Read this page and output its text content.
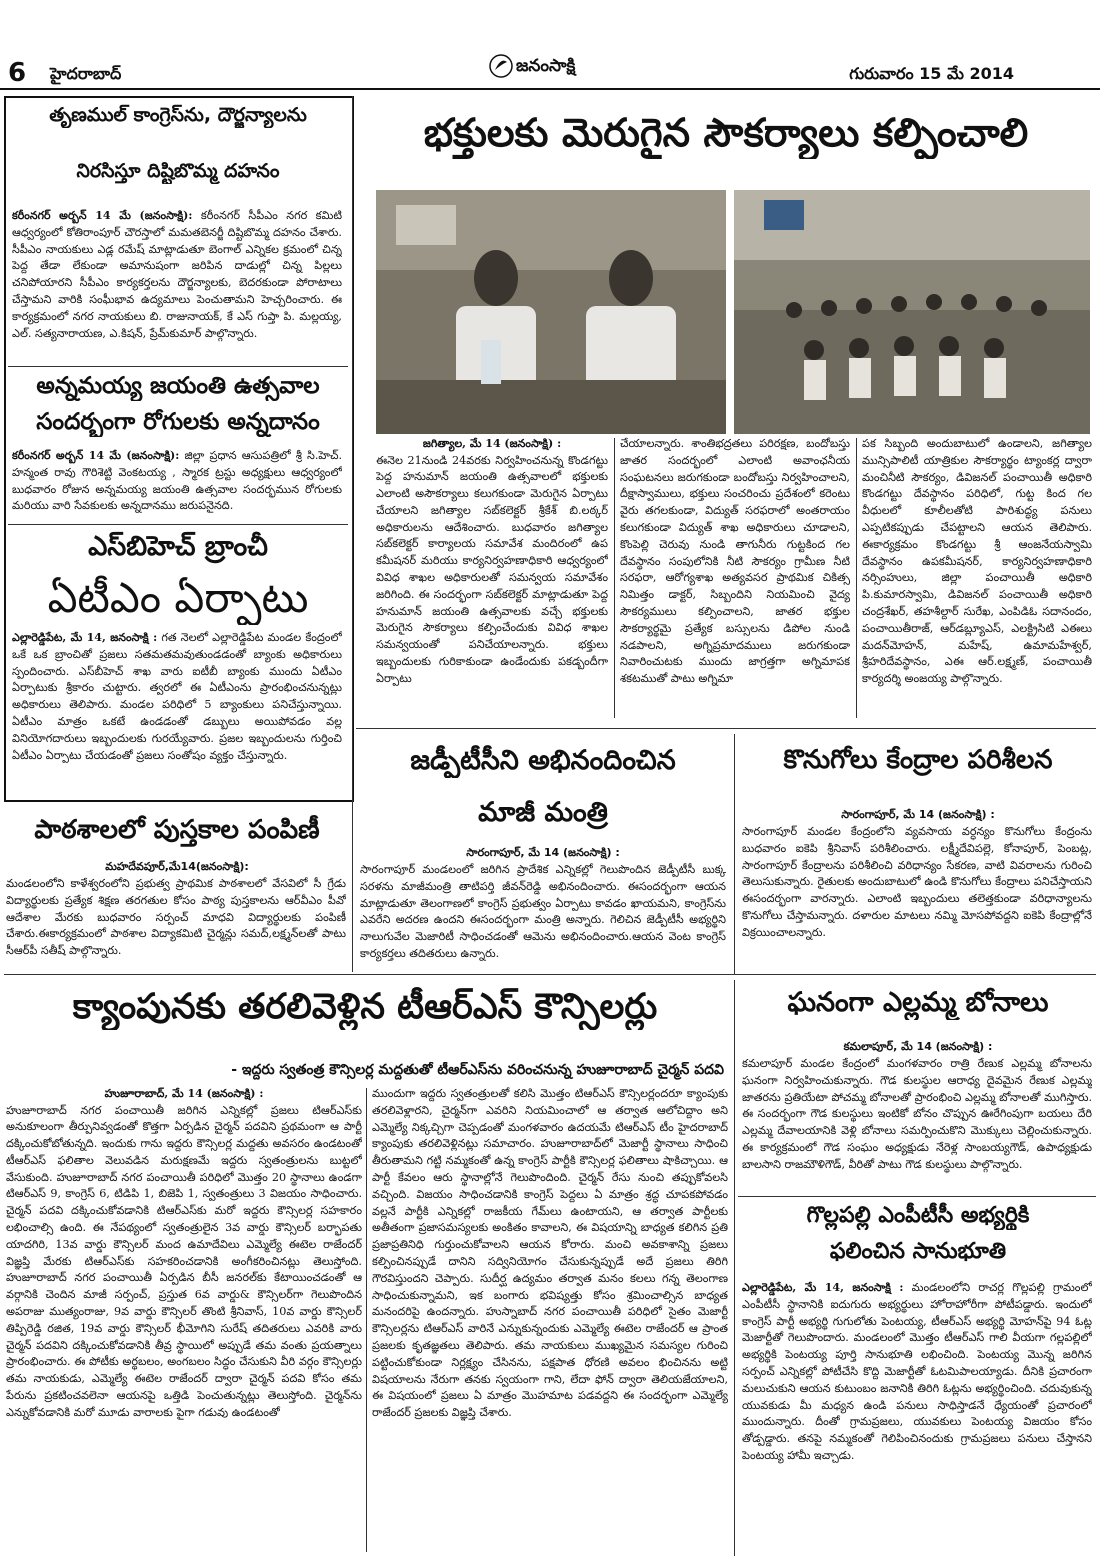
6 హైదరాబాద్	జనంసాక్షి	గురువారం 15 మే 2014
తృణముల్ కాంగ్రెస్‌ను, దౌర్జన్యాలను
నిరసిస్తూ దిష్టిబొమ్మ దహనం
కరీంనగర్ అర్బన్ 14 మే (జనంసాక్షి): కరీంనగర్ సీపీఎం నగర కమిటి ఆధ్వర్యంలో కోతిరాంపూర్ చౌరస్తాలో మమతబెనర్జీ దిష్టిబొమ్మ దహనం చేశారు. సీపీఎం నాయకులు ఎడ్ల రమేష్ మాట్లాడుతూ బెంగాల్ ఎన్నికల క్రమంలో చిన్న పెద్ద తేడా లేకుండా అమానుషంగా జరిపిన దాడుల్లో చిన్న పిల్లలు చనిపోయారని సీపీఎం కార్యకర్తలను దౌర్జన్యాలకు, బెదరకుండా పోరాటాలు చేస్తామని వారికి సంఘీభావ ఉద్యమాలు పెంచుతామని హెచ్చరించారు. ఈ కార్యక్రమంలో నగర నాయకులు బి. రాజునాయక్, కే ఎస్ గుప్తా పి. మల్లయ్య, ఎల్. సత్యనారాయణ, ఎ.కిషన్, ప్రేమ్‌కుమార్ పాల్గొన్నారు.
అన్నమయ్య జయంతి ఉత్సవాల
సందర్భంగా రోగులకు అన్నదానం
కరీంనగర్ అర్బన్ 14 మే (జనంసాక్షి): జిల్లా ప్రధాన ఆసుపత్రిలో శ్రీ సి.హెచ్. హన్మంత రావు గౌరిశెట్టి వెంకటయ్య , స్మారక ట్రస్టు అధ్యక్షులు ఆధ్వర్యంలో బుధవారం రోజున అన్నమయ్య జయంతి ఉత్సవాల సందర్భమున రోగులకు మరియు వారి సేవకులకు అన్నదానము జరుపనైనది.
ఎస్‌బిహెచ్ బ్రాంచీ
ఏటీఎం ఏర్పాటు
ఎల్లారెడ్డిపేట, మే 14, జనంసాక్షి : గత నెలలో ఎల్లారెడ్డిపేట మండల కేంద్రంలో ఒకే ఒక బ్రాంచితో ప్రజలు సతమతమవుతుండడంతో బ్యాంకు అధికారులు స్పందించారు. ఎస్‌బీహెచ్ శాఖ వారు ఐటీబీ బ్యాంకు ముందు ఏటీఎం ఏర్పాటుకు శ్రీకారం చుట్టారు. త్వరలో ఈ ఏటీఎంను ప్రారంభించనున్నట్లు అధికారులు తెలిపారు. మండల పరిధిలో 5 బ్యాంకులు పనిచేస్తున్నాయి. ఏటీఎం మాత్రం ఒకటే ఉండడంతో డబ్బులు అయిపోవడం వల్ల వినియోగదారులు ఇబ్బందులకు గురయ్యేవారు. ప్రజల ఇబ్బందులను గుర్తించి ఏటీఎం ఏర్పాటు చేయడంతో ప్రజలు సంతోషం వ్యక్తం చేస్తున్నారు.
పాఠశాలలో పుస్తకాల పంపిణీ
మహదేవపూర్,మే14(జనంసాక్షి):
మండలంలోని కాళేశ్వరంలోని ప్రభుత్వ ప్రాథమిక పాఠశాలలో వేసవిలో సీ గ్రేడు విద్యార్థులకు ప్రత్యేక శిక్షణ తరగతుల కోసం పాఠ్య పుస్తకాలను ఆర్‌వీఎం పీవో ఆదేశాల మేరకు బుధవారం సర్పంచ్ మాధవి విద్యార్థులకు పంపిణీ చేశారు.ఈకార్యక్రమంలో పాఠశాల విద్యాకమిటి చైర్మన్లు సమద్,లక్ష్మన్‌లతో పాటు సీఆర్‌పీ సతీష్ పాల్గొన్నారు.
భక్తులకు మెరుగైన సౌకర్యాలు కల్పించాలి
జగిత్యాల, మే 14 (జనంసాక్షి) :
ఈనెల 21నుండి 24వరకు నిర్వహించనున్న కొండగట్టు పెద్ద హనుమాన్ జయంతి ఉత్సవాలలో భక్తులకు ఎలాంటి అసౌకర్యాలు కలుగకుండా మెరుగైన ఏర్పాటు చేయాలని జగిత్యాల సబ్‌కలెక్టర్ శ్రీకేశ్ బి.లఠ్కర్ అధికారులను ఆదేశించారు. బుధవారం జగిత్యాల సబ్‌కలెక్టర్ కార్యాలయ సమావేశ మందిరంలో ఉప కమీషనర్ మరియు కార్యనిర్వహణాధికారి ఆధ్వర్యంలో వివిధ శాఖల అధికారులతో సమన్వయ సమావేశం జరిగింది. ఈ సందర్భంగా సబ్‌కలెక్టర్ మాట్లాడుతూ పెద్ద హనుమాన్ జయంతి ఉత్సవాలకు వచ్చే భక్తులకు మెరుగైన సౌకర్యాలు కల్పించేందుకు వివిధ శాఖల సమన్వయంతో పనిచేయాలన్నారు. భక్తులు ఇబ్బందులకు గురికాకుండా ఉండేందుకు పకడ్బందీగా ఏర్పాటు
చేయాలన్నారు. శాంతిభద్రతలు పరిరక్షణ, బందోబస్తు జాతర సందర్భంలో ఎలాంటి అవాంఛనీయ సంఘటనలు జరుగకుండా బందోబస్తు నిర్వహించాలని, దీక్షాస్వాములు, భక్తులు సంచరించు ప్రదేశంలో కరెంటు వైరు తగలకుండా, విద్యుత్ సరఫరాలో అంతరాయం కలుగకుండా విద్యుత్ శాఖ అధికారులు చూడాలని, కొంపెల్లి చెరువు నుండి తాగునీరు గుట్టకింద గల దేవస్థానం సంపులోనికి నీటి సౌకర్యం గ్రామీణ నీటి సరఫరా, ఆరోగ్యశాఖ అత్యవసర ప్రాథమిక చికిత్స నిమిత్తం డాక్టర్, సిబ్బందిని నియమించి వైద్య సౌకర్యములు కల్పించాలని, జాతర భక్తుల సౌకర్యార్థమై ప్రత్యేక బస్సులను డిపోల నుండి నడపాలని, అగ్నిప్రమాదములు జరుగకుండా నివారించుటకు ముందు జాగ్రత్తగా అగ్నిమాపక శకటముతో పాటు అగ్నిమా
పక సిబ్బంది అందుబాటులో ఉండాలని, జగిత్యాల మున్సిపాలిటీ యాత్రికుల సౌకర్యార్థం ట్యాంకర్ల ద్వారా మంచినీటి సౌకర్యం, డివిజనల్ పంచాయితీ అధికారి కొండగట్టు దేవస్థానం పరిధిలో, గుట్ట కింద గల వీధులలో కూలీలతోటి పారిశుద్ధ్య పనులు ఎప్పటికప్పుడు చేపట్టాలని ఆయన తెలిపారు. ఈకార్యక్రమం కొండగట్టు శ్రీ ఆంజనేయస్వామి దేవస్థానం ఉపకమీషనర్, కార్యనిర్వహణాధికారి నర్సింహులు, జిల్లా పంచాయితీ అధికారి పి.కుమారస్వామి, డివిజనల్ పంచాయితీ అధికారి చంద్రశేఖర్, తహశీల్దార్ సురేఖ, ఎంపిడిఓ సదానందం, పంచాయితీరాజ్, ఆర్‌డబ్ల్యూఎస్, ఎలక్ట్రిసిటి ఎఈలు మదన్‌మోహన్, మహేష్, ఉమామహేశ్వర్, శ్రీహరిదేవస్థానం, ఎఈ ఆర్.లక్ష్మణ్, పంచాయితీ కార్యదర్శి అంజయ్య పాల్గొన్నారు.
జడ్పీటీసీని అభినందించిన
మాజీ మంత్రి
సారంగాపూర్, మే 14 (జనంసాక్షి) :
సారంగాపూర్ మండలంలో జరిగిన ప్రాదేశిక ఎన్నికల్లో గెలుపొందిన జెడ్పీటీసీ బుక్క సరళను మాజీమంత్రి తాటిపర్తి జీవన్‌రెడ్డి అభినందించారు. ఈసందర్భంగా ఆయన మాట్లాడుతూ తెలంగాణలో కాంగ్రెస్ ప్రభుత్వం ఏర్పాటు కావడం ఖాయమని, కాంగ్రెస్‌ను ఎవరేని అదరణ ఉందని ఈసందర్భంగా మంత్రి అన్నారు. గెలిచిన జెడ్పీటీసీ అభ్యర్థిని నాలుగువేల మెజారిటీ సాధించడంతో ఆమెను అభినందించారు.ఆయన వెంట కాంగ్రెస్ కార్యకర్తలు తదితరులు ఉన్నారు.
కొనుగోలు కేంద్రాల పరిశీలన
సారంగాపూర్, మే 14 (జనంసాక్షి) :
సారంగాపూర్ మండల కేంద్రంలోని వ్యవసాయ వర్ధన్యం కొనుగోలు కేంద్రంను బుధవారం ఐకెపి శ్రీనివాస్ పరిశీలించారు. లక్ష్మీదేవిపల్లె, కోనాపూర్, పెంబట్ల, సారంగాపూర్ కేంద్రాలను పరిశీలించి వరిధాన్యం సేకరణ, వాటి వివరాలను గురించి తెలుసుకున్నారు. రైతులకు అందుబాటులో ఉండి కొనుగోలు కేంద్రాలు పనిచేస్తాయని ఈసందర్భంగా వారన్నారు. ఎలాంటి ఇబ్బందులు తలెత్తకుండా వరిధాన్యాలను కొనుగోలు చేస్తామన్నారు. దళారుల మాటలు నమ్మి మోసపోవద్దని ఐకెపి కేంద్రాల్లోనే విక్రయించాలన్నారు.
క్యాంపునకు తరలివెళ్లిన టీఆర్ఎస్ కౌన్సిలర్లు
- ఇద్దరు స్వతంత్ర కౌన్సిలర్ల మద్దతుతో టీఆర్ఎస్‌ను వరించనున్న హుజూరాబాద్ చైర్మన్ పదవి
హుజూరాబాద్, మే 14 (జనంసాక్షి) :
హుజూరాబాద్ నగర పంచాయితీ జరిగిన ఎన్నికల్లో ప్రజలు టిఆర్ఎస్‌కు అనుకూలంగా తీర్పునివ్వడంతో కొత్తగా ఏర్పడిన చైర్మన్ పదవిని ప్రథమంగా ఆ పార్టీ దక్కించుకోబోతున్నది. ఇందుకు గాను ఇద్దరు కౌన్సిలర్ల మద్దతు అవసరం ఉండటంతో టీఆర్ఎస్ ఫలితాల వెలువడిన మరుక్షణమే ఇద్దరు స్వతంత్రులను బుట్టలో వేసుకుంది. హుజూరాబాద్ నగర పంచాయితీ పరిధిలో మొత్తం 20 స్థానాలు ఉండగా టిఆర్ఎస్ 9, కాంగ్రెస్ 6, టిడిపి 1, బిజెపి 1, స్వతంత్రులు 3 విజయం సాధించారు. చైర్మన్ పదవి దక్కించుకోవడానికి టిఆర్ఎస్‌కు మరో ఇద్దరు కౌన్సిలర్ల సహకారం లభించాల్సి ఉంది. ఈ నేపథ్యంలో స్వతంత్రులైన 3వ వార్డు కౌన్సిలర్ బర్భాపతు యాదగిరి, 13వ వార్డు కౌన్సిలర్ మంద ఉమాదేవిలు ఎమ్మెల్యే ఈటెల రాజేందర్ విజ్ఞప్తి మేరకు టిఆర్ఎస్‌కు సహకరించడానికి అంగీకరించినట్లు తెలుస్తోంది. హుజూరాబాద్ నగర పంచాయితీ ఏర్పడిన బీసీ జనరల్‌కు కేటాయించడంతో ఆ వర్గానికి చెందిన మాజీ సర్పంచ్, ప్రస్తుత 6వ వార్డు& కౌన్సిలర్‌గా గెలుపొందిన అపరాజు ముత్యంరాజు, 9వ వార్డు కౌన్సిలర్ తొంటి శ్రీనివాస్, 10వ వార్డు కౌన్సిలర్ తిప్పిరెడ్డి రజిత, 19వ వార్డు కౌన్సిలర్ భీమోగిని సురేష్ తదితరులు ఎవరికి వారు చైర్మన్ పదవిని దక్కించుకోవడానికి తీవ్ర స్థాయిలో అప్పుడే తమ వంతు ప్రయత్నాలు ప్రారంభించారు. ఈ పోటీకు అర్థబలం, అంగబలం సిద్ధం చేసుకుని వీరి వర్గం కౌన్సిలర్లు తమ నాయకుడు, ఎమ్మెల్యే ఈటెల రాజేందర్ ద్వారా చైర్మన్ పదవి కోసం తమ పేరును ప్రకటించవలెనా ఆయనపై ఒత్తిడి పెంచుతున్నట్లు తెలుస్తోంది. చైర్మన్‌ను ఎన్నుకోవడానికి మరో మూడు వారాలకు పైగా గడువు ఉండటంతో
ముందుగా ఇద్దరు స్వతంత్రులతో కలిసి మొత్తం టిఆర్ఎస్ కౌన్సిలర్లందరూ క్యాంపుకు తరలివెళ్లారని, చైర్మన్‌గా ఎవరిని నియమించాలో ఆ తర్వాత ఆలోచిద్దాం అని ఎమ్మెల్యే నిక్కచ్చిగా చెప్పడంతో మంగళవారం ఉదయమే టిఆర్ఎస్ టీం హైదరాబాద్ క్యాంపుకు తరలివెళ్లినట్లు సమాచారం. హుజూరాబాద్‌లో మెజార్టీ స్థానాలు సాధించి తీరుతామని గట్టి నమ్మకంతో ఉన్న కాంగ్రెస్ పార్టీకి కౌన్సిలర్ల ఫలితాలు షాకిచ్చాయి. ఆ పార్టీ కేవలం ఆరు స్థానాల్లోనే గెలుపొందింది. చైర్మన్ రేసు నుంచి తప్పుకోవలసి వచ్చింది. విజయం సాధించడానికి కాంగ్రెస్ పెద్దలు ఏ మాత్రం శ్రద్ధ చూపకపోవడం వల్లనే పార్టీకి ఎన్నికల్లో రాజకీయ గేమ్‌లు ఉంటాయని, ఆ తర్వాత పార్టీలకు అతీతంగా ప్రజాసమస్యలకు అంకితం కావాలని, ఈ విషయాన్ని బాధ్యత కలిగిన ప్రతి ప్రజాప్రతినిధి గుర్తుంచుకోవాలని ఆయన కోరారు. మంచి అవకాశాన్ని ప్రజలు కల్పించినప్పుడే దానిని సద్వినియోగం చేసుకున్నప్పుడే అదే ప్రజలు తిరిగి గౌరవిస్తుందని చెప్పారు. సుదీర్ఘ ఉద్యమం తర్వాత మనం కలలు గన్న తెలంగాణ సాధించుకున్నామని, ఇక బంగారు భవిష్యత్తు కోసం శ్రమించాల్సిన బాధ్యత మనందరిపై ఉందన్నారు. హుస్నాబాద్ నగర పంచాయితీ పరిధిలో సైతం మెజార్టీ కౌన్సిలర్లను టిఆర్ఎస్ వారినే ఎన్నుకున్నందుకు ఎమ్మెల్యే ఈటెల రాజేందర్ ఆ ప్రాంత ప్రజలకు కృతజ్ఞతలు తెలిపారు. తమ నాయకులు ముఖ్యమైన సమస్యల గురించి పట్టించుకోకుండా నిర్లక్ష్యం చేసినను, పక్షపాత ధోరణి అవలం భించినను అట్టి విషయాలను నేరుగా తనకు స్వయంగా గాని, లేదా ఫోన్ ద్వారా తెలియజేయాలని, ఈ విషయంలో ప్రజలు ఏ మాత్రం మొహమాట పడవద్దని ఈ సందర్భంగా ఎమ్మెల్యే రాజేందర్ ప్రజలకు విజ్ఞప్తి చేశారు.
ఘనంగా ఎల్లమ్మ బోనాలు
కమలాపూర్, మే 14 (జనంసాక్షి) :
కమలాపూర్ మండల కేంద్రంలో మంగళవారం రాత్రి రేణుక ఎల్లమ్మ బోనాలను ఘనంగా నిర్వహించుకున్నారు. గౌడ కులస్థుల ఆరాధ్య దైవమైన రేణుక ఎల్లమ్మ జాతరను ప్రతియేటా పోచమ్మ బోనాలతో ప్రారంభించి ఎల్లమ్మ బోనాలతో ముగిస్తారు. ఈ సందర్భంగా గౌడ కులస్థులు ఇంటికో బోనం చొప్పున ఊరేగింపుగా బయలు దేరి ఎల్లమ్మ దేవాలయానికి వెళ్లి బోనాలు సమర్పించుకొని మొక్కులు చెల్లించుకున్నారు. ఈ కార్యక్రమంలో గౌడ సంఘం అధ్యక్షుడు నేరెళ్ల సాంబయ్యగౌడ్, ఉపాధ్యక్షుడు బాలసాని రాజమౌళిగౌడ్, వీరితో పాటు గౌడ కులస్థులు పాల్గొన్నారు.
గొల్లపల్లి ఎంపీటీసీ అభ్యర్థికి
ఫలించిన సానుభూతి
ఎల్లారెడ్డిపేట, మే 14, జనంసాక్షి : మండలంలోని రాచర్ల గొల్లపల్లి గ్రామంలో ఎంపీటీసీ స్థానానికి ఐదుగురు అభ్యర్థులు హోరాహోరీగా పోటీపడ్డారు. ఇందులో కాంగ్రెస్ పార్టీ అభ్యర్థి గుగులోతు పెంటయ్య, టీఆర్ఎస్ అభ్యర్థి మోహన్‌పై 94 ఓట్ల మెజార్టీతో గెలుపొందారు. మండలంలో మొత్తం టీఆర్ఎస్ గాలి వీయగా గల్లపల్లిలో అభ్యర్థికి పెంటయ్య పూర్తి సానుభూతి లభించింది. పెంటయ్య మొన్న జరిగిన సర్పంచ్ ఎన్నికల్లో పోటీచేసి కొద్ది మెజార్టీతో ఓటమిపాలయ్యాడు. దీనికి ప్రచారంగా మలుచుకుని ఆయన కుటుంబం జనానికి తిరిగి ఓట్లను అభ్యర్థించింది. చదువుకున్న యువకుడు మీ మధ్యన ఉండి పనులు సాధిస్తాడనే ధ్యేయంతో ప్రచారంలో ముందున్నారు. దీంతో గ్రామప్రజలు, యువకులు పెంటయ్య విజయం కోసం తోడ్పడ్డారు. తనపై నమ్మకంతో గెలిపించినందుకు గ్రామప్రజలు పనులు చేస్తానని పెంటయ్య హామీ ఇచ్చాడు.
